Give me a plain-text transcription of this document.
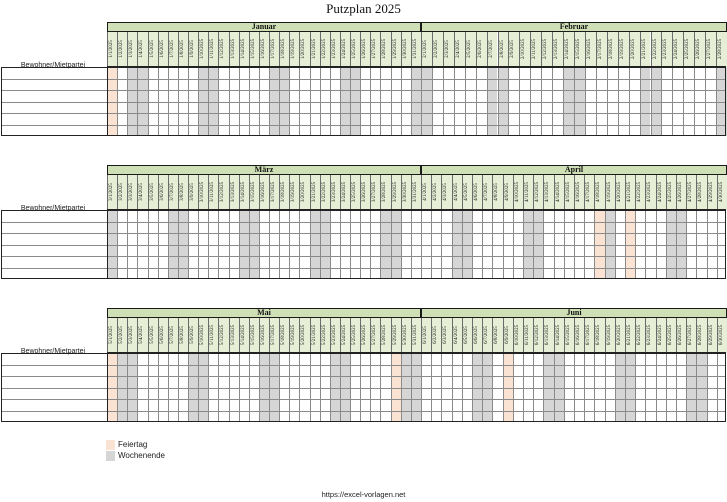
Putzplan 2025
Bewohner/Mietpartei
Januar
1/1/2025	1/2/2025	1/3/2025	1/4/2025	1/5/2025	1/6/2025	1/7/2025	1/8/2025	1/9/2025	1/10/2025	1/11/2025	1/12/2025	1/13/2025	1/14/2025	1/15/2025	1/16/2025	1/17/2025	1/18/2025	1/19/2025	1/20/2025	1/21/2025	1/22/2025	1/23/2025	1/24/2025	1/25/2025	1/26/2025	1/27/2025	1/28/2025	1/29/2025	1/30/2025	1/31/2025
Februar
2/1/2025	2/2/2025	2/3/2025	2/4/2025	2/5/2025	2/6/2025	2/7/2025	2/8/2025	2/9/2025	2/10/2025	2/11/2025	2/12/2025	2/13/2025	2/14/2025	2/15/2025	2/16/2025	2/17/2025	2/18/2025	2/19/2025	2/20/2025	2/21/2025	2/22/2025	2/23/2025	2/24/2025	2/25/2025	2/26/2025	2/27/2025	2/28/2025
Bewohner/Mietpartei
März
3/1/2025	3/2/2025	3/3/2025	3/4/2025	3/5/2025	3/6/2025	3/7/2025	3/8/2025	3/9/2025	3/10/2025	3/11/2025	3/12/2025	3/13/2025	3/14/2025	3/15/2025	3/16/2025	3/17/2025	3/18/2025	3/19/2025	3/20/2025	3/21/2025	3/22/2025	3/23/2025	3/24/2025	3/25/2025	3/26/2025	3/27/2025	3/28/2025	3/29/2025	3/30/2025	3/31/2025
April
4/1/2025	4/2/2025	4/3/2025	4/4/2025	4/5/2025	4/6/2025	4/7/2025	4/8/2025	4/9/2025	4/10/2025	4/11/2025	4/12/2025	4/13/2025	4/14/2025	4/15/2025	4/16/2025	4/17/2025	4/18/2025	4/19/2025	4/20/2025	4/21/2025	4/22/2025	4/23/2025	4/24/2025	4/25/2025	4/26/2025	4/27/2025	4/28/2025	4/29/2025	4/30/2025
Bewohner/Mietpartei
Mai
5/1/2025	5/2/2025	5/3/2025	5/4/2025	5/5/2025	5/6/2025	5/7/2025	5/8/2025	5/9/2025	5/10/2025	5/11/2025	5/12/2025	5/13/2025	5/14/2025	5/15/2025	5/16/2025	5/17/2025	5/18/2025	5/19/2025	5/20/2025	5/21/2025	5/22/2025	5/23/2025	5/24/2025	5/25/2025	5/26/2025	5/27/2025	5/28/2025	5/29/2025	5/30/2025	5/31/2025
Juni
6/1/2025	6/2/2025	6/3/2025	6/4/2025	6/5/2025	6/6/2025	6/7/2025	6/8/2025	6/9/2025	6/10/2025	6/11/2025	6/12/2025	6/13/2025	6/14/2025	6/15/2025	6/16/2025	6/17/2025	6/18/2025	6/19/2025	6/20/2025	6/21/2025	6/22/2025	6/23/2025	6/24/2025	6/25/2025	6/26/2025	6/27/2025	6/28/2025	6/29/2025	6/30/2025
Feiertag
Wochenende
https://excel-vorlagen.net
